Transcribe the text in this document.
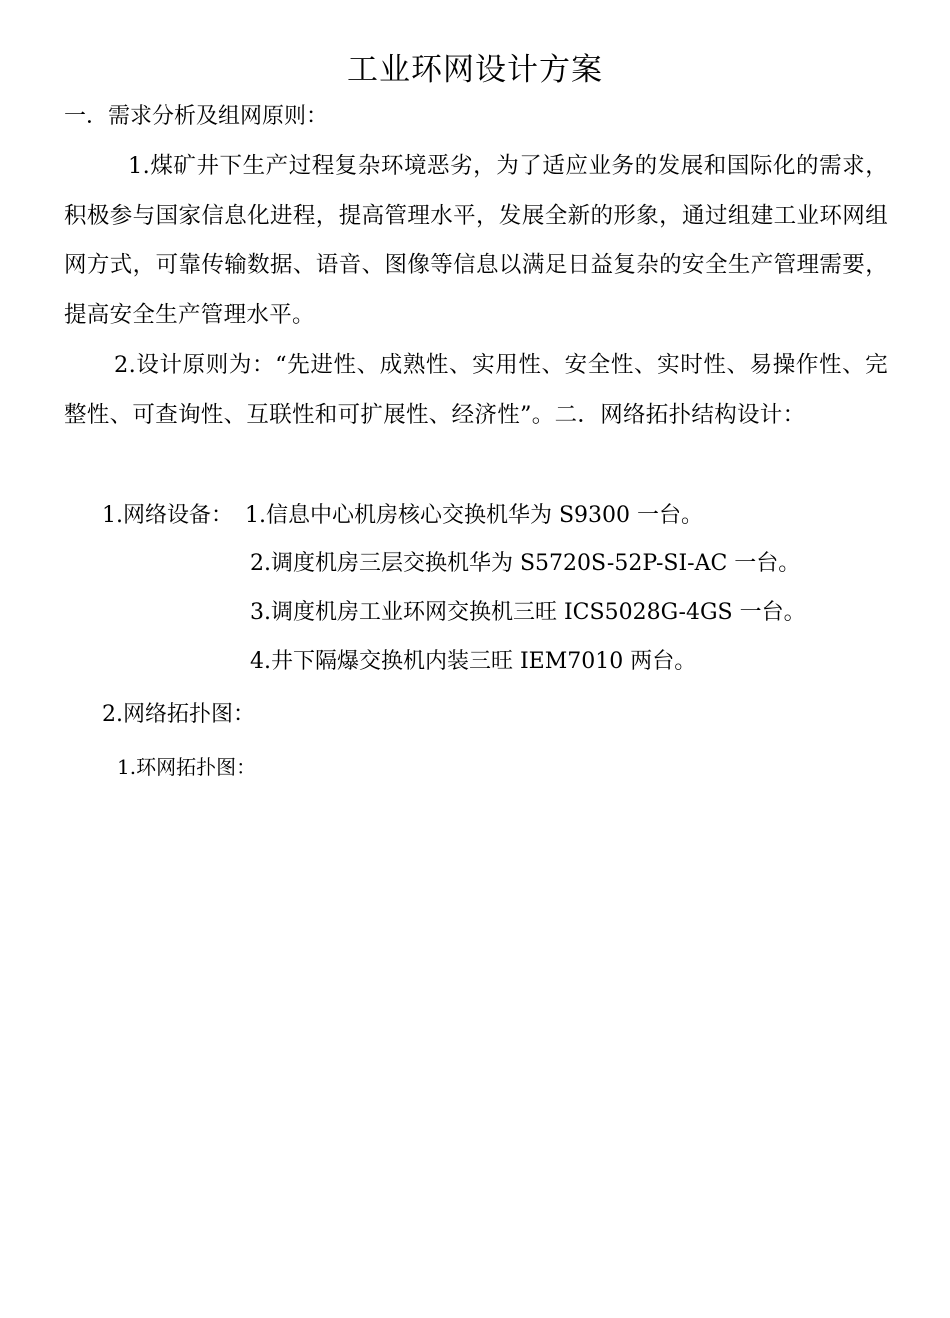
工业环网设计方案
一．需求分析及组网原则：
1.煤矿井下生产过程复杂环境恶劣，为了适应业务的发展和国际化的需求，积极参与国家信息化进程，提高管理水平，发展全新的形象，通过组建工业环网组网方式，可靠传输数据、语音、图像等信息以满足日益复杂的安全生产管理需要，提高安全生产管理水平。
2.设计原则为：“先进性、成熟性、实用性、安全性、实时性、易操作性、完整性、可查询性、互联性和可扩展性、经济性”。二．网络拓扑结构设计：
1.网络设备： 1.信息中心机房核心交换机华为 S9300 一台。
2.调度机房三层交换机华为 S5720S-52P-SI-AC 一台。
3.调度机房工业环网交换机三旺 ICS5028G-4GS 一台。
4.井下隔爆交换机内装三旺 IEM7010 两台。
2.网络拓扑图：
1.环网拓扑图：
